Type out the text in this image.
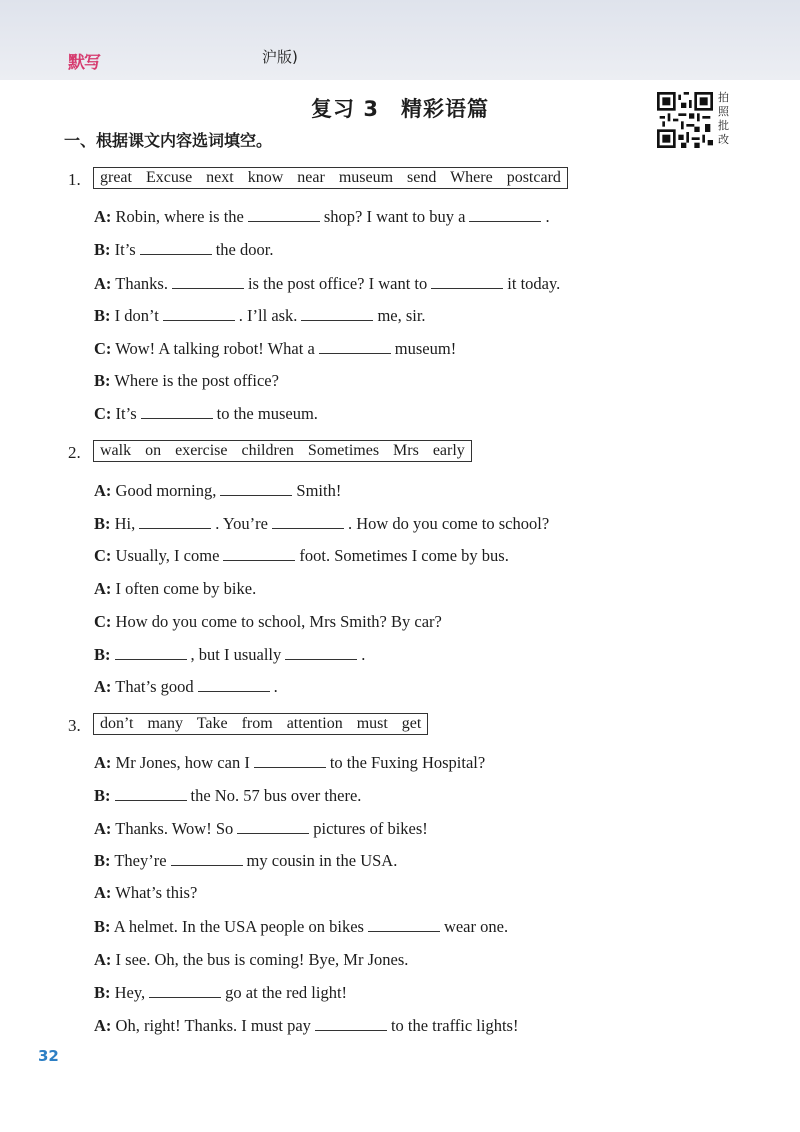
默写	沪版)
复习 3　精彩语篇	拍
照
批
改
一、根据课文内容选词填空。
1.	great Excuse next know near museum send Where postcard
A: Robin, where is the	shop? I want to buy a	.
B: It’s	the door.
A: Thanks.	is the post office? I want to	it today.
B: I don’t	. I’ll ask.	me, sir.
C: Wow! A talking robot! What a	museum!
B: Where is the post office?
C: It’s	to the museum.
2.	walk on exercise children Sometimes Mrs early
A: Good morning,	Smith!
B: Hi,	. You’re	. How do you come to school?
C: Usually, I come	foot. Sometimes I come by bus.
A: I often come by bike.
C: How do you come to school, Mrs Smith? By car?
B:	, but I usually	.
A: That’s good	.
3.	don’t many Take from attention must get
A: Mr Jones, how can I	to the Fuxing Hospital?
B:	the No. 57 bus over there.
A: Thanks. Wow! So	pictures of bikes!
B: They’re	my cousin in the USA.
A: What’s this?
B: A helmet. In the USA people on bikes	wear one.
A: I see. Oh, the bus is coming! Bye, Mr Jones.
B: Hey,	go at the red light!
A: Oh, right! Thanks. I must pay	to the traffic lights!
32
